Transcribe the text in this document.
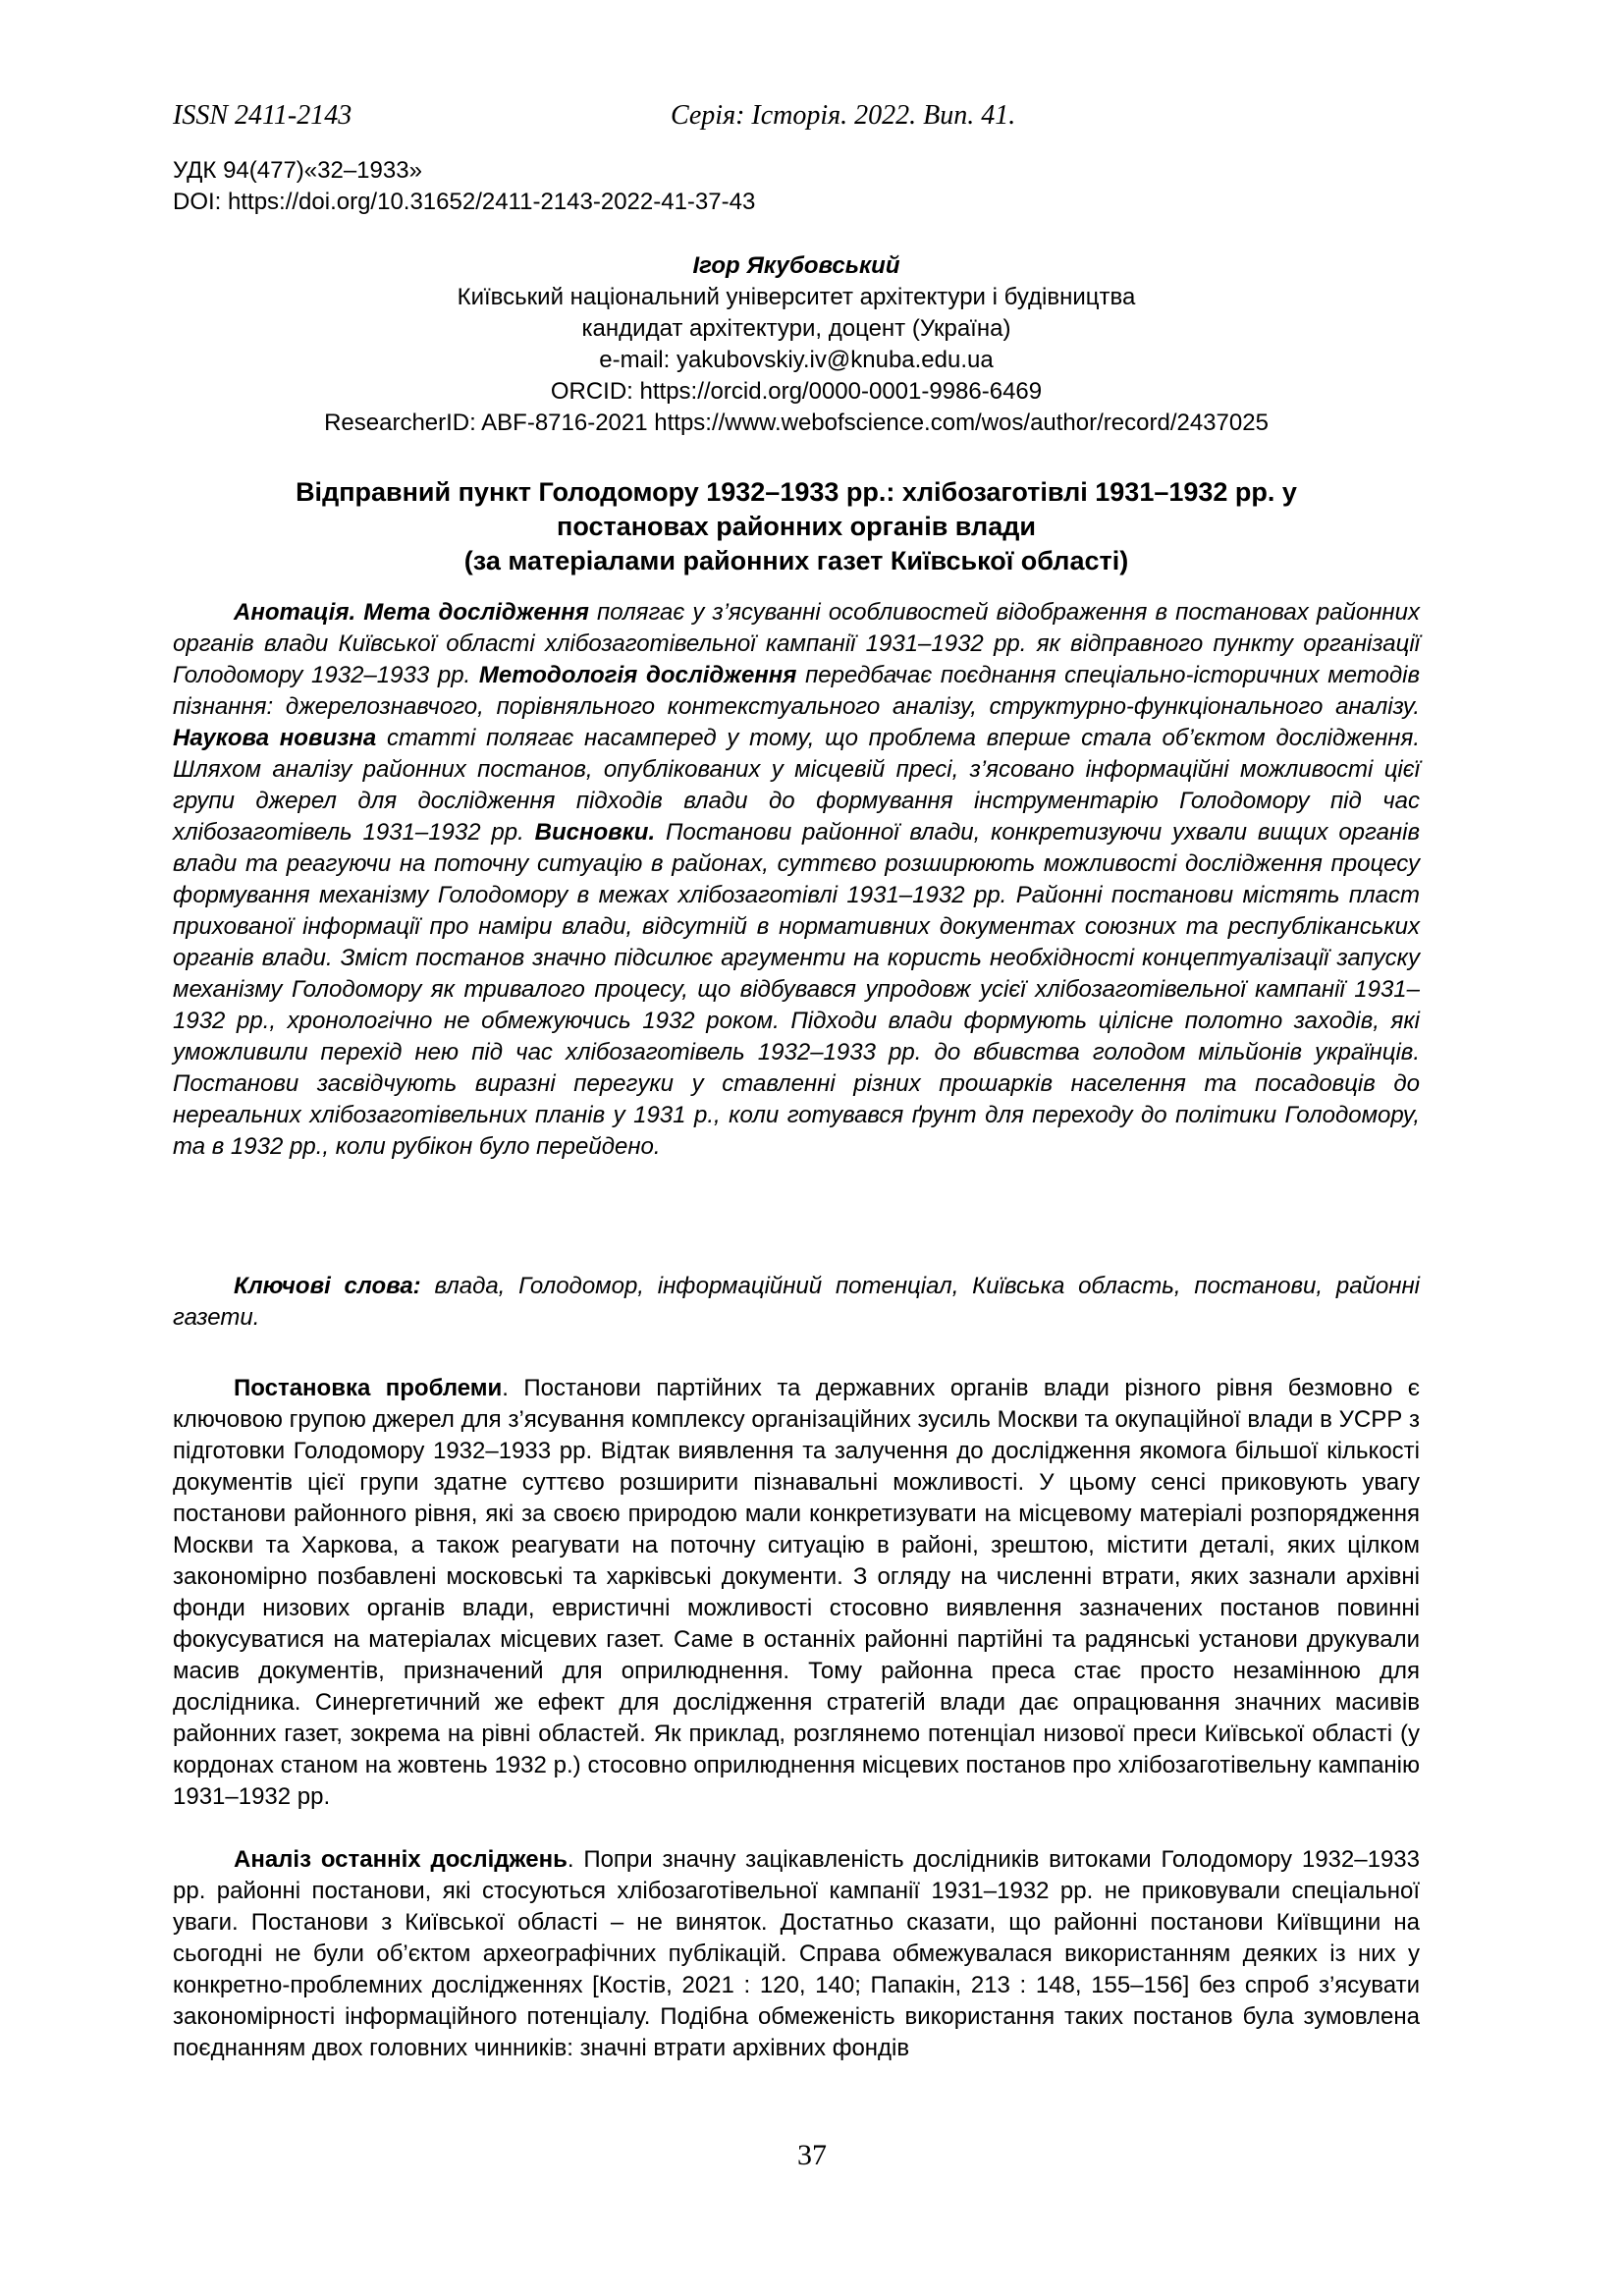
ISSN 2411-2143	Серія: Історія. 2022. Вип. 41.
УДК 94(477)«32–1933»
DOI: https://doi.org/10.31652/2411-2143-2022-41-37-43
Ігор Якубовський
Київський національний університет архітектури і будівництва
кандидат архітектури, доцент (Україна)
e-mail: yakubovskiy.iv@knuba.edu.ua
ORCID: https://orcid.org/0000-0001-9986-6469
ResearcherID: ABF-8716-2021 https://www.webofscience.com/wos/author/record/2437025
Відправний пункт Голодомору 1932–1933 рр.: хлібозаготівлі 1931–1932 рр. у
постановах районних органів влади
(за матеріалами районних газет Київської області)

Анотація. Мета дослідження полягає у з’ясуванні особливостей відображення в постановах районних органів влади Київської області хлібозаготівельної кампанії 1931–1932 рр. як відправного пункту організації Голодомору 1932–1933 рр. Методологія дослідження передбачає поєднання спеціально-історичних методів пізнання: джерелознавчого, порівняльного контекстуального аналізу, структурно-функціонального аналізу. Наукова новизна статті полягає насамперед у тому, що проблема вперше стала об’єктом дослідження. Шляхом аналізу районних постанов, опублікованих у місцевій пресі, з’ясовано інформаційні можливості цієї групи джерел для дослідження підходів влади до формування інструментарію Голодомору під час хлібозаготівель 1931–1932 рр. Висновки. Постанови районної влади, конкретизуючи ухвали вищих органів влади та реагуючи на поточну ситуацію в районах, суттєво розширюють можливості дослідження процесу формування механізму Голодомору в межах хлібозаготівлі 1931–1932 рр. Районні постанови містять пласт прихованої інформації про наміри влади, відсутній в нормативних документах союзних та республіканських органів влади. Зміст постанов значно підсилює аргументи на користь необхідності концептуалізації запуску механізму Голодомору як тривалого процесу, що відбувався упродовж усієї хлібозаготівельної кампанії 1931–1932 рр., хронологічно не обмежуючись 1932 роком. Підходи влади формують цілісне полотно заходів, які уможливили перехід нею під час хлібозаготівель 1932–1933 рр. до вбивства голодом мільйонів українців. Постанови засвідчують виразні перегуки у ставленні різних прошарків населення та посадовців до нереальних хлібозаготівельних планів у 1931 р., коли готувався ґрунт для переходу до політики Голодомору, та в 1932 рр., коли рубікон було перейдено.

Ключові слова: влада, Голодомор, інформаційний потенціал, Київська область, постанови, районні газети.

Постановка проблеми. Постанови партійних та державних органів влади різного рівня безмовно є ключовою групою джерел для з’ясування комплексу організаційних зусиль Москви та окупаційної влади в УСРР з підготовки Голодомору 1932–1933 рр. Відтак виявлення та залучення до дослідження якомога більшої кількості документів цієї групи здатне суттєво розширити пізнавальні можливості. У цьому сенсі приковують увагу постанови районного рівня, які за своєю природою мали конкретизувати на місцевому матеріалі розпорядження Москви та Харкова, а також реагувати на поточну ситуацію в районі, зрештою, містити деталі, яких цілком закономірно позбавлені московські та харківські документи. З огляду на численні втрати, яких зазнали архівні фонди низових органів влади, евристичні можливості стосовно виявлення зазначених постанов повинні фокусуватися на матеріалах місцевих газет. Саме в останніх районні партійні та радянські установи друкували масив документів, призначений для оприлюднення. Тому районна преса стає просто незамінною для дослідника. Синергетичний же ефект для дослідження стратегій влади дає опрацювання значних масивів районних газет, зокрема на рівні областей. Як приклад, розглянемо потенціал низової преси Київської області (у кордонах станом на жовтень 1932 р.) стосовно оприлюднення місцевих постанов про хлібозаготівельну кампанію 1931–1932 рр.

Аналіз останніх досліджень. Попри значну зацікавленість дослідників витоками Голодомору 1932–1933 рр. районні постанови, які стосуються хлібозаготівельної кампанії 1931–1932 рр. не приковували спеціальної уваги. Постанови з Київської області – не виняток. Достатньо сказати, що районні постанови Київщини на сьогодні не були об’єктом археографічних публікацій. Справа обмежувалася використанням деяких із них у конкретно-проблемних дослідженнях [Костів, 2021 : 120, 140; Папакін, 213 : 148, 155–156] без спроб з’ясувати закономірності інформаційного потенціалу. Подібна обмеженість використання таких постанов була зумовлена поєднанням двох головних чинників: значні втрати архівних фондів

37
